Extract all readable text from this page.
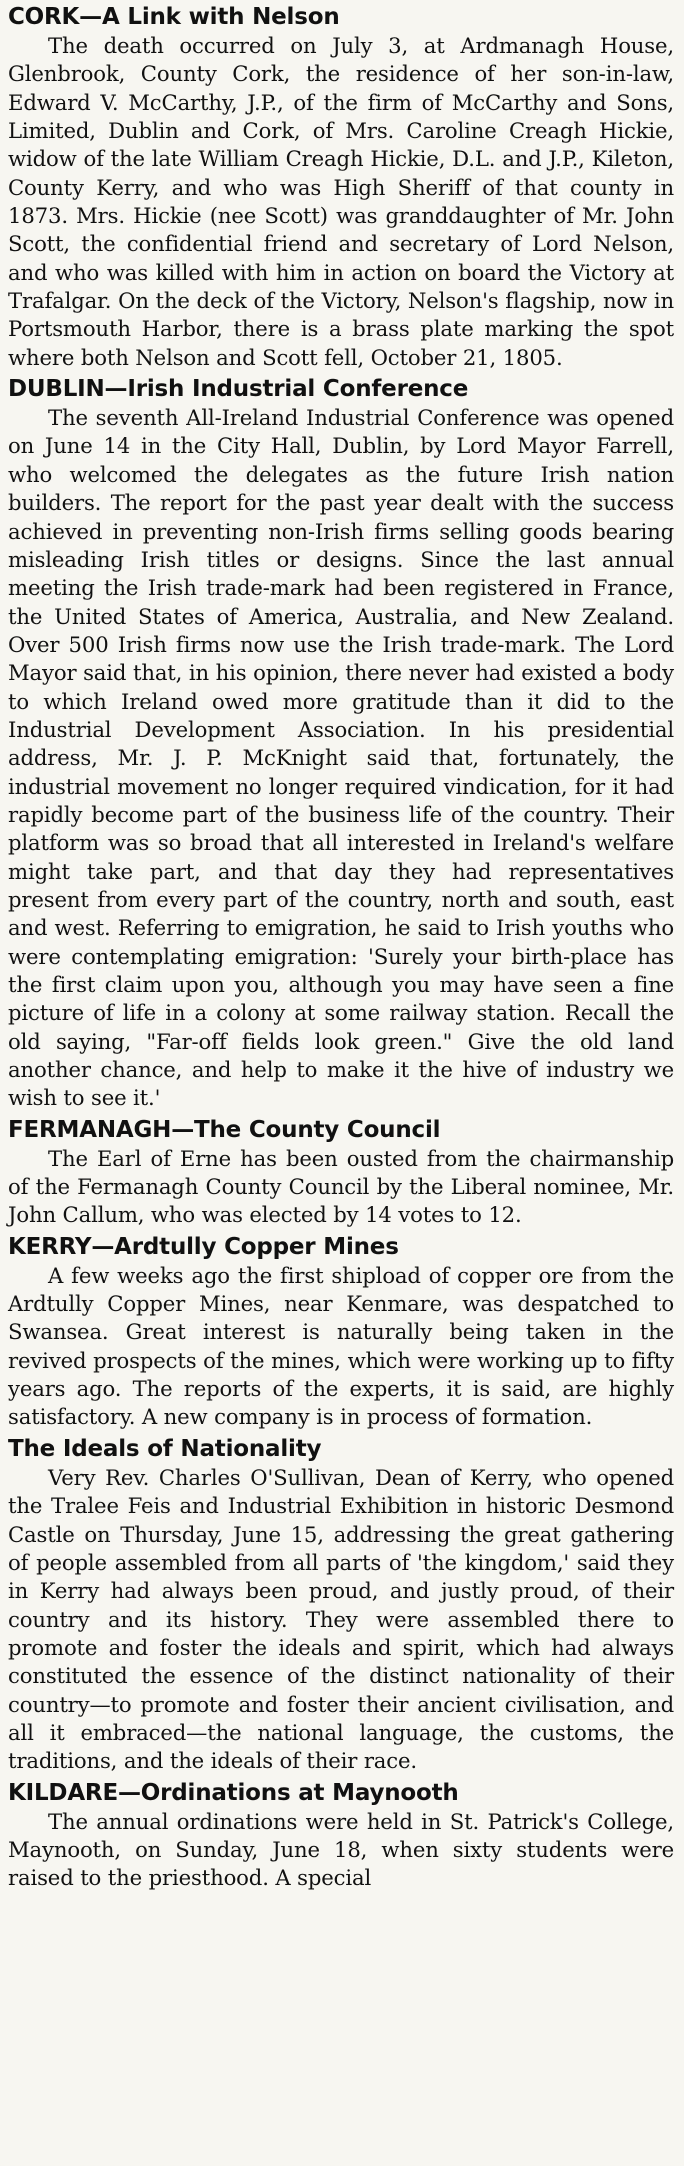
CORK—A Link with Nelson

The death occurred on July 3, at Ardmanagh House, Glenbrook, County Cork, the residence of her son-in-law, Edward V. McCarthy, J.P., of the firm of McCarthy and Sons, Limited, Dublin and Cork, of Mrs. Caroline Creagh Hickie, widow of the late William Creagh Hickie, D.L. and J.P., Kileton, County Kerry, and who was High Sheriff of that county in 1873. Mrs. Hickie (nee Scott) was granddaughter of Mr. John Scott, the confidential friend and secretary of Lord Nelson, and who was killed with him in action on board the Victory at Trafalgar. On the deck of the Victory, Nelson's flagship, now in Portsmouth Harbor, there is a brass plate marking the spot where both Nelson and Scott fell, October 21, 1805.

DUBLIN—Irish Industrial Conference

The seventh All-Ireland Industrial Conference was opened on June 14 in the City Hall, Dublin, by Lord Mayor Farrell, who welcomed the delegates as the future Irish nation builders. The report for the past year dealt with the success achieved in preventing non-Irish firms selling goods bearing misleading Irish titles or designs. Since the last annual meeting the Irish trade-mark had been registered in France, the United States of America, Australia, and New Zealand. Over 500 Irish firms now use the Irish trade-mark. The Lord Mayor said that, in his opinion, there never had existed a body to which Ireland owed more gratitude than it did to the Industrial Development Association. In his presidential address, Mr. J. P. McKnight said that, fortunately, the industrial movement no longer required vindication, for it had rapidly become part of the business life of the country. Their platform was so broad that all interested in Ireland's welfare might take part, and that day they had representatives present from every part of the country, north and south, east and west. Referring to emigration, he said to Irish youths who were contemplating emigration: 'Surely your birth-place has the first claim upon you, although you may have seen a fine picture of life in a colony at some railway station. Recall the old saying, "Far-off fields look green." Give the old land another chance, and help to make it the hive of industry we wish to see it.'

FERMANAGH—The County Council

The Earl of Erne has been ousted from the chairmanship of the Fermanagh County Council by the Liberal nominee, Mr. John Callum, who was elected by 14 votes to 12.

KERRY—Ardtully Copper Mines

A few weeks ago the first shipload of copper ore from the Ardtully Copper Mines, near Kenmare, was despatched to Swansea. Great interest is naturally being taken in the revived prospects of the mines, which were working up to fifty years ago. The reports of the experts, it is said, are highly satisfactory. A new company is in process of formation.

The Ideals of Nationality

Very Rev. Charles O'Sullivan, Dean of Kerry, who opened the Tralee Feis and Industrial Exhibition in historic Desmond Castle on Thursday, June 15, addressing the great gathering of people assembled from all parts of 'the kingdom,' said they in Kerry had always been proud, and justly proud, of their country and its history. They were assembled there to promote and foster the ideals and spirit, which had always constituted the essence of the distinct nationality of their country—to promote and foster their ancient civilisation, and all it embraced—the national language, the customs, the traditions, and the ideals of their race.

KILDARE—Ordinations at Maynooth

The annual ordinations were held in St. Patrick's College, Maynooth, on Sunday, June 18, when sixty students were raised to the priesthood. A special
